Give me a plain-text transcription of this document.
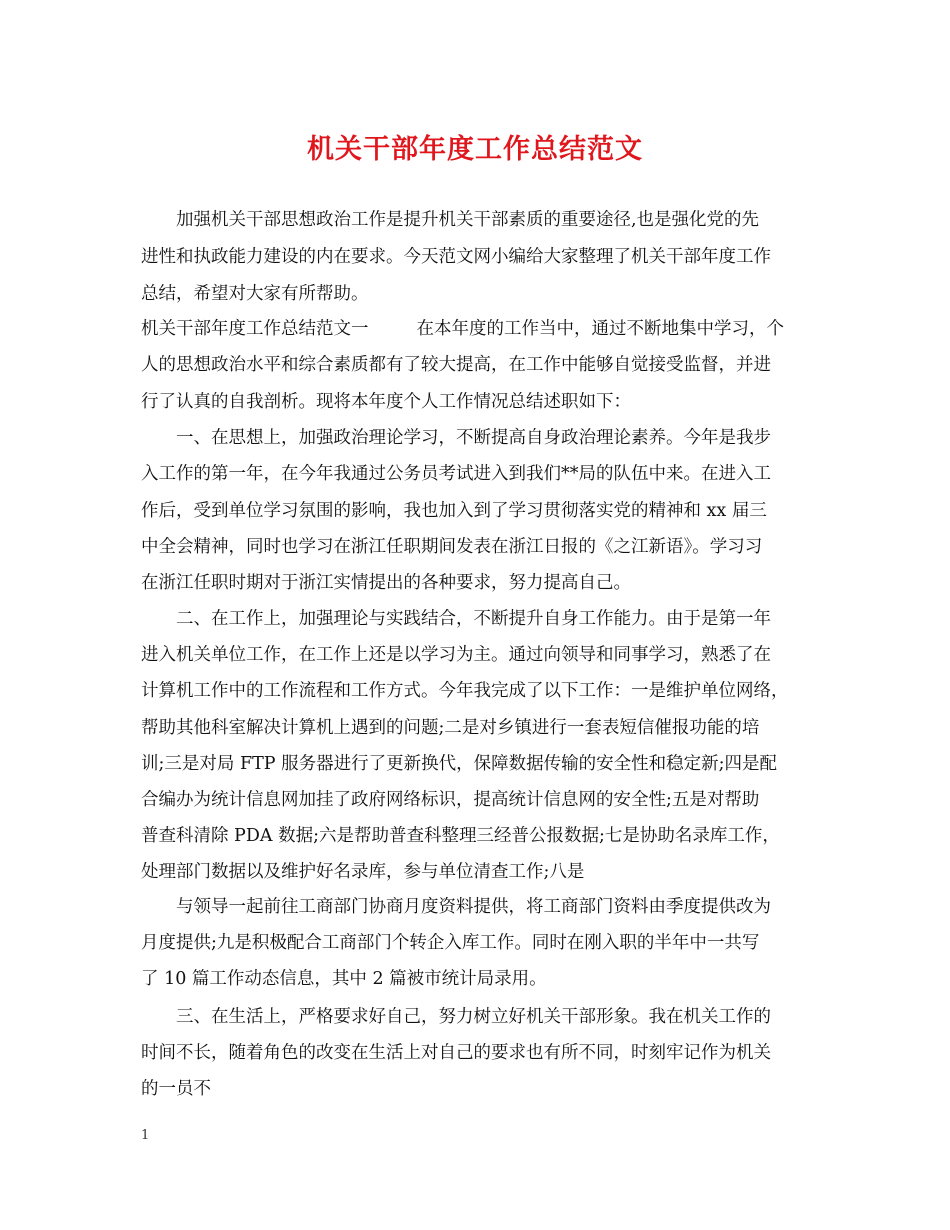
机关干部年度工作总结范文
加强机关干部思想政治工作是提升机关干部素质的重要途径,也是强化党的先
进性和执政能力建设的内在要求。今天范文网小编给大家整理了机关干部年度工作
总结，希望对大家有所帮助。
机关干部年度工作总结范文一	在本年度的工作当中，通过不断地集中学习，个
人的思想政治水平和综合素质都有了较大提高，在工作中能够自觉接受监督，并进
行了认真的自我剖析。现将本年度个人工作情况总结述职如下：
一、在思想上，加强政治理论学习，不断提高自身政治理论素养。今年是我步
入工作的第一年，在今年我通过公务员考试进入到我们**局的队伍中来。在进入工
作后，受到单位学习氛围的影响，我也加入到了学习贯彻落实党的精神和 xx 届三
中全会精神，同时也学习在浙江任职期间发表在浙江日报的《之江新语》。学习习
在浙江任职时期对于浙江实情提出的各种要求，努力提高自己。
二、在工作上，加强理论与实践结合，不断提升自身工作能力。由于是第一年
进入机关单位工作，在工作上还是以学习为主。通过向领导和同事学习，熟悉了在
计算机工作中的工作流程和工作方式。今年我完成了以下工作：一是维护单位网络，
帮助其他科室解决计算机上遇到的问题;二是对乡镇进行一套表短信催报功能的培
训;三是对局 FTP 服务器进行了更新换代，保障数据传输的安全性和稳定新;四是配
合编办为统计信息网加挂了政府网络标识，提高统计信息网的安全性;五是对帮助
普查科清除 PDA 数据;六是帮助普查科整理三经普公报数据;七是协助名录库工作，
处理部门数据以及维护好名录库，参与单位清查工作;八是
与领导一起前往工商部门协商月度资料提供，将工商部门资料由季度提供改为
月度提供;九是积极配合工商部门个转企入库工作。同时在刚入职的半年中一共写
了 10 篇工作动态信息，其中 2 篇被市统计局录用。
三、在生活上，严格要求好自己，努力树立好机关干部形象。我在机关工作的
时间不长，随着角色的改变在生活上对自己的要求也有所不同，时刻牢记作为机关
的一员不
1
